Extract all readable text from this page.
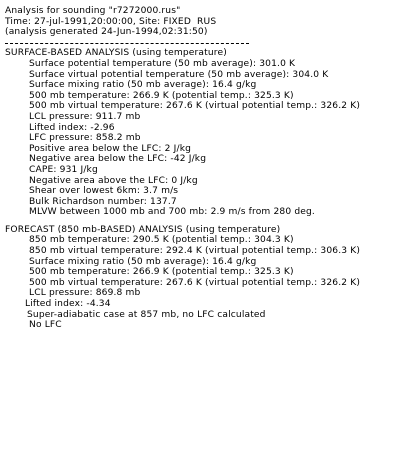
Analysis for sounding "r7272000.rus"
Time: 27-jul-1991,20:00:00, Site: FIXED  RUS
(analysis generated 24-Jun-1994,02:31:50)
SURFACE-BASED ANALYSIS (using temperature)
Surface potential temperature (50 mb average): 301.0 K
Surface virtual potential temperature (50 mb average): 304.0 K
Surface mixing ratio (50 mb average): 16.4 g/kg
500 mb temperature: 266.9 K (potential temp.: 325.3 K)
500 mb virtual temperature: 267.6 K (virtual potential temp.: 326.2 K)
LCL pressure: 911.7 mb
Lifted index: -2.96
LFC pressure: 858.2 mb
Positive area below the LFC: 2 J/kg
Negative area below the LFC: -42 J/kg
CAPE: 931 J/kg
Negative area above the LFC: 0 J/kg
Shear over lowest 6km: 3.7 m/s
Bulk Richardson number: 137.7
MLVW between 1000 mb and 700 mb: 2.9 m/s from 280 deg.
FORECAST (850 mb-BASED) ANALYSIS (using temperature)
850 mb temperature: 290.5 K (potential temp.: 304.3 K)
850 mb virtual temperature: 292.4 K (virtual potential temp.: 306.3 K)
Surface mixing ratio (50 mb average): 16.4 g/kg
500 mb temperature: 266.9 K (potential temp.: 325.3 K)
500 mb virtual temperature: 267.6 K (virtual potential temp.: 326.2 K)
LCL pressure: 869.8 mb
Lifted index: -4.34
Super-adiabatic case at 857 mb, no LFC calculated
No LFC
